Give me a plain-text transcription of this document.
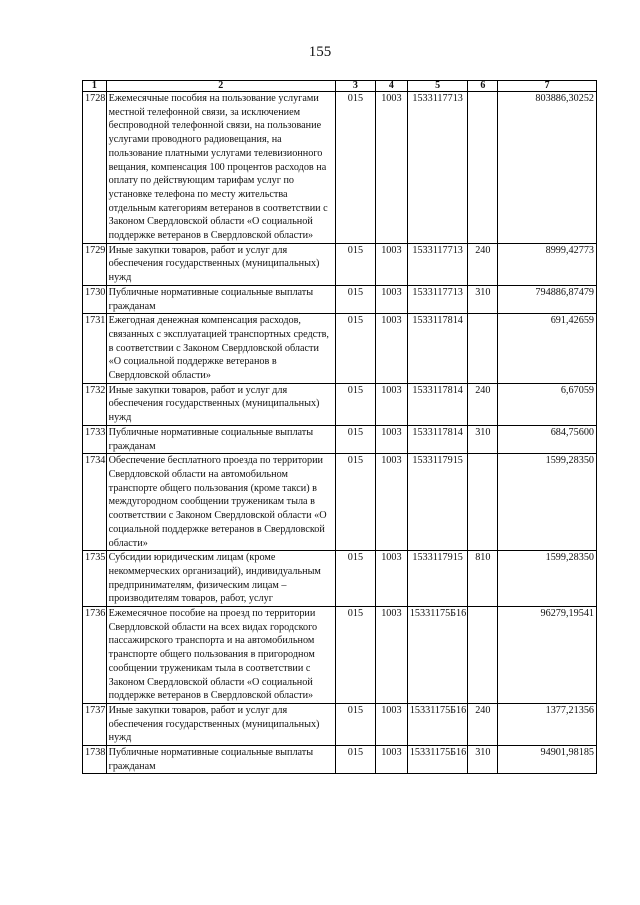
155
1	2	3	4	5	6	7
1728	Ежемесячные пособия на пользование услугами местной телефонной связи, за исключением беспроводной телефонной связи, на пользование услугами проводного радиовещания, на пользование платными услугами телевизионного вещания, компенсация 100 процентов расходов на оплату по действующим тарифам услуг по установке телефона по месту жительства отдельным категориям ветеранов в соответствии с Законом Свердловской области «О социальной поддержке ветеранов в Свердловской области»	015	1003	1533117713		803886,30252
1729	Иные закупки товаров, работ и услуг для обеспечения государственных (муниципальных) нужд	015	1003	1533117713	240	8999,42773
1730	Публичные нормативные социальные выплаты гражданам	015	1003	1533117713	310	794886,87479
1731	Ежегодная денежная компенсация расходов, связанных с эксплуатацией транспортных средств, в соответствии с Законом Свердловской области «О социальной поддержке ветеранов в Свердловской области»	015	1003	1533117814		691,42659
1732	Иные закупки товаров, работ и услуг для обеспечения государственных (муниципальных) нужд	015	1003	1533117814	240	6,67059
1733	Публичные нормативные социальные выплаты гражданам	015	1003	1533117814	310	684,75600
1734	Обеспечение бесплатного проезда по территории Свердловской области на автомобильном транспорте общего пользования (кроме такси) в междугородном сообщении труженикам тыла в соответствии с Законом Свердловской области «О социальной поддержке ветеранов в Свердловской области»	015	1003	1533117915		1599,28350
1735	Субсидии юридическим лицам (кроме некоммерческих организаций), индивидуальным предпринимателям, физическим лицам – производителям товаров, работ, услуг	015	1003	1533117915	810	1599,28350
1736	Ежемесячное пособие на проезд по территории Свердловской области на всех видах городского пассажирского транспорта и на автомобильном транспорте общего пользования в пригородном сообщении труженикам тыла в соответствии с Законом Свердловской области «О социальной поддержке ветеранов в Свердловской области»	015	1003	15331175Б16		96279,19541
1737	Иные закупки товаров, работ и услуг для обеспечения государственных (муниципальных) нужд	015	1003	15331175Б16	240	1377,21356
1738	Публичные нормативные социальные выплаты гражданам	015	1003	15331175Б16	310	94901,98185
